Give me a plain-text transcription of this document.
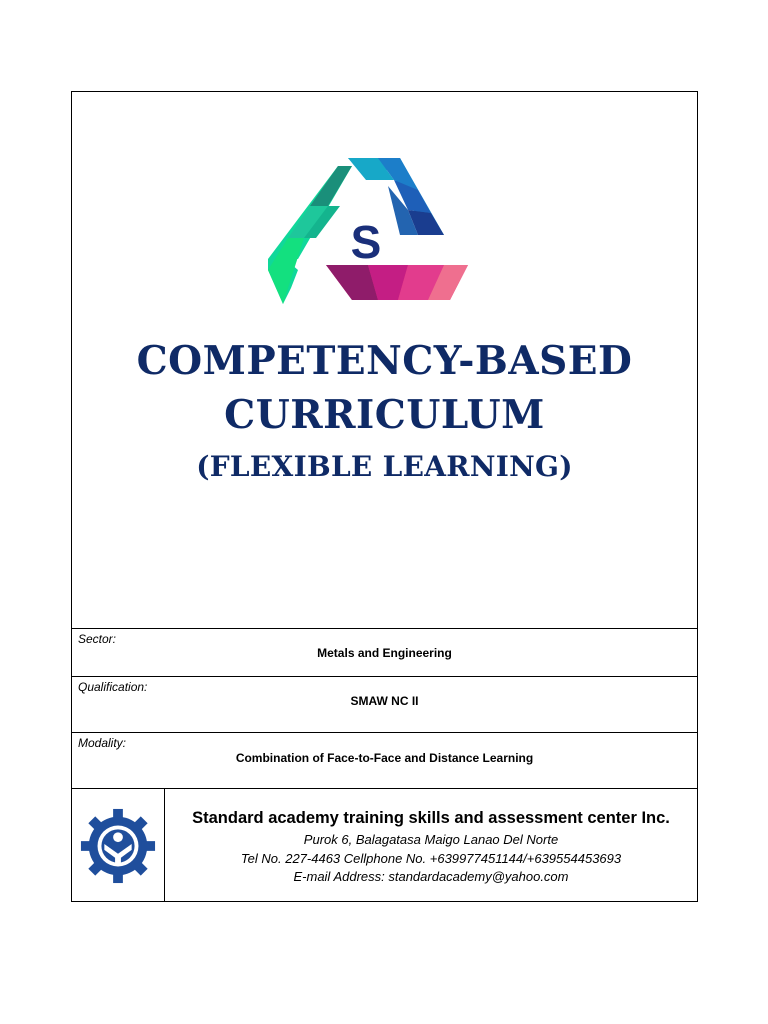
S
COMPETENCY-BASED
CURRICULUM
(FLEXIBLE LEARNING)
Sector:
Metals and Engineering
Qualification:
SMAW NC II
Modality:
Combination of Face-to-Face and Distance Learning
Standard academy training skills and assessment center Inc.
Purok 6, Balagatasa Maigo Lanao Del Norte
Tel No. 227-4463 Cellphone No. +639977451144/+639554453693
E-mail Address: standardacademy@yahoo.com
